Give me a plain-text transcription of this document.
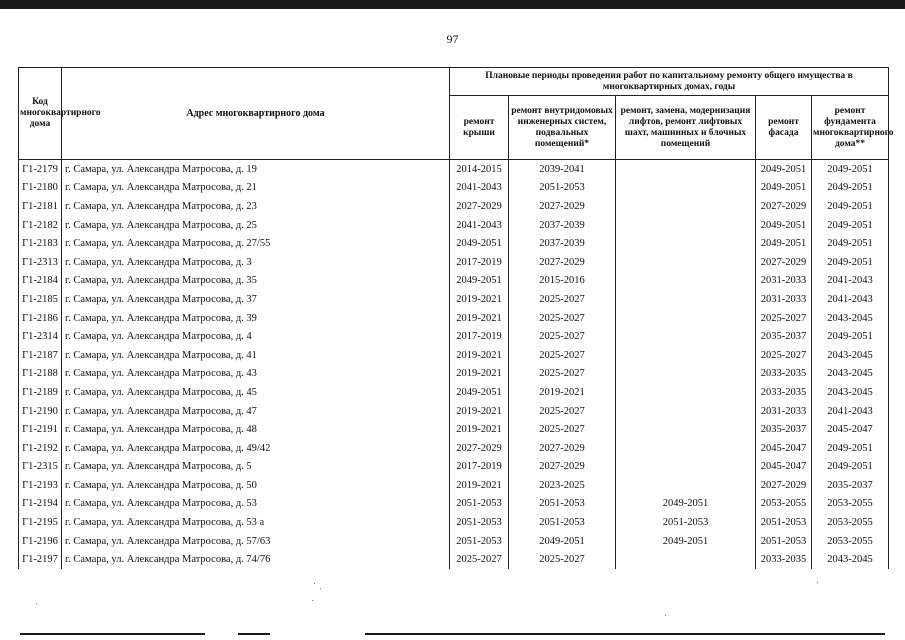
97
Код многоквартирного дома	Адрес многоквартирного дома	Плановые периоды проведения работ по капитальному ремонту общего имущества в многоквартирных домах, годы				
		ремонт крыши	ремонт внутридомовых инженерных систем, подвальных помещений*	ремонт, замена, модернизация лифтов, ремонт лифтовых шахт, машинных и блочных помещений	ремонт фасада	ремонт фундамента многоквартирного дома**
Г1-2179	г. Самара, ул. Александра Матросова, д. 19	2014-2015	2039-2041		2049-2051	2049-2051
Г1-2180	г. Самара, ул. Александра Матросова, д. 21	2041-2043	2051-2053		2049-2051	2049-2051
Г1-2181	г. Самара, ул. Александра Матросова, д. 23	2027-2029	2027-2029		2027-2029	2049-2051
Г1-2182	г. Самара, ул. Александра Матросова, д. 25	2041-2043	2037-2039		2049-2051	2049-2051
Г1-2183	г. Самара, ул. Александра Матросова, д. 27/55	2049-2051	2037-2039		2049-2051	2049-2051
Г1-2313	г. Самара, ул. Александра Матросова, д. 3	2017-2019	2027-2029		2027-2029	2049-2051
Г1-2184	г. Самара, ул. Александра Матросова, д. 35	2049-2051	2015-2016		2031-2033	2041-2043
Г1-2185	г. Самара, ул. Александра Матросова, д. 37	2019-2021	2025-2027		2031-2033	2041-2043
Г1-2186	г. Самара, ул. Александра Матросова, д. 39	2019-2021	2025-2027		2025-2027	2043-2045
Г1-2314	г. Самара, ул. Александра Матросова, д. 4	2017-2019	2025-2027		2035-2037	2049-2051
Г1-2187	г. Самара, ул. Александра Матросова, д. 41	2019-2021	2025-2027		2025-2027	2043-2045
Г1-2188	г. Самара, ул. Александра Матросова, д. 43	2019-2021	2025-2027		2033-2035	2043-2045
Г1-2189	г. Самара, ул. Александра Матросова, д. 45	2049-2051	2019-2021		2033-2035	2043-2045
Г1-2190	г. Самара, ул. Александра Матросова, д. 47	2019-2021	2025-2027		2031-2033	2041-2043
Г1-2191	г. Самара, ул. Александра Матросова, д. 48	2019-2021	2025-2027		2035-2037	2045-2047
Г1-2192	г. Самара, ул. Александра Матросова, д. 49/42	2027-2029	2027-2029		2045-2047	2049-2051
Г1-2315	г. Самара, ул. Александра Матросова, д. 5	2017-2019	2027-2029		2045-2047	2049-2051
Г1-2193	г. Самара, ул. Александра Матросова, д. 50	2019-2021	2023-2025		2027-2029	2035-2037
Г1-2194	г. Самара, ул. Александра Матросова, д. 53	2051-2053	2051-2053	2049-2051	2053-2055	2053-2055
Г1-2195	г. Самара, ул. Александра Матросова, д. 53 а	2051-2053	2051-2053	2051-2053	2051-2053	2053-2055
Г1-2196	г. Самара, ул. Александра Матросова, д. 57/63	2051-2053	2049-2051	2049-2051	2051-2053	2053-2055
Г1-2197	г. Самара, ул. Александра Матросова, д. 74/76	2025-2027	2025-2027		2033-2035	2043-2045
